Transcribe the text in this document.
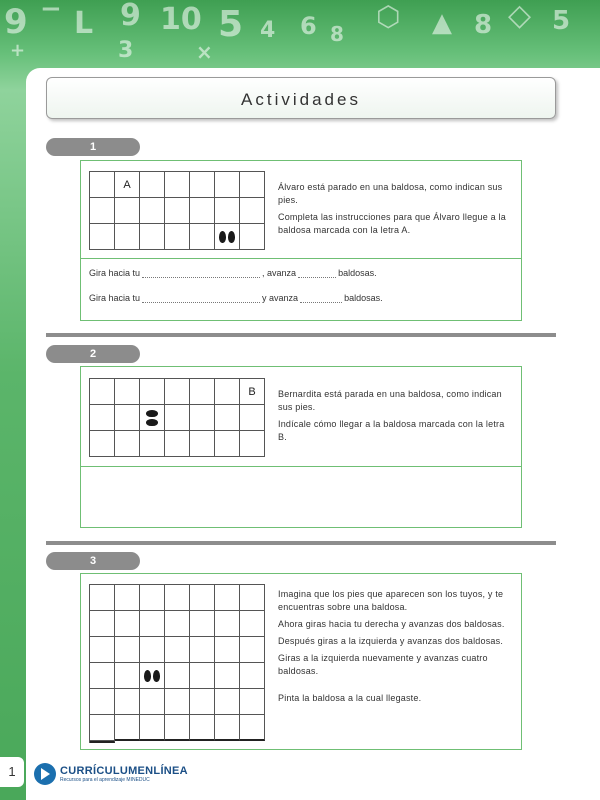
9 − L 9 10 5 4 6 8
⬡ ▲ 8 ◇ 5
+	3	×
Actividades
1
A	Álvaro está parado en una baldosa, como indican sus pies.

Completa las instrucciones para que Álvaro llegue a la baldosa marcada con la letra A.

Gira hacia tu	, avanza	baldosas.
Gira hacia tu	y avanza	baldosas.
2
B	Bernardita está parada en una baldosa, como indican sus pies.

Indícale cómo llegar a la baldosa marcada con la letra B.

3

Imagina que los pies que aparecen son los tuyos, y te encuentras sobre una baldosa.

Ahora giras hacia tu derecha y avanzas dos baldosas.

Después giras a la izquierda y avanzas dos baldosas.

Giras a la izquierda nuevamente y avanzas cuatro baldosas.

Pinta la baldosa a la cual llegaste.

1	CURRÍCULUMENLÍNEA
Recursos para el aprendizaje MINEDUC
